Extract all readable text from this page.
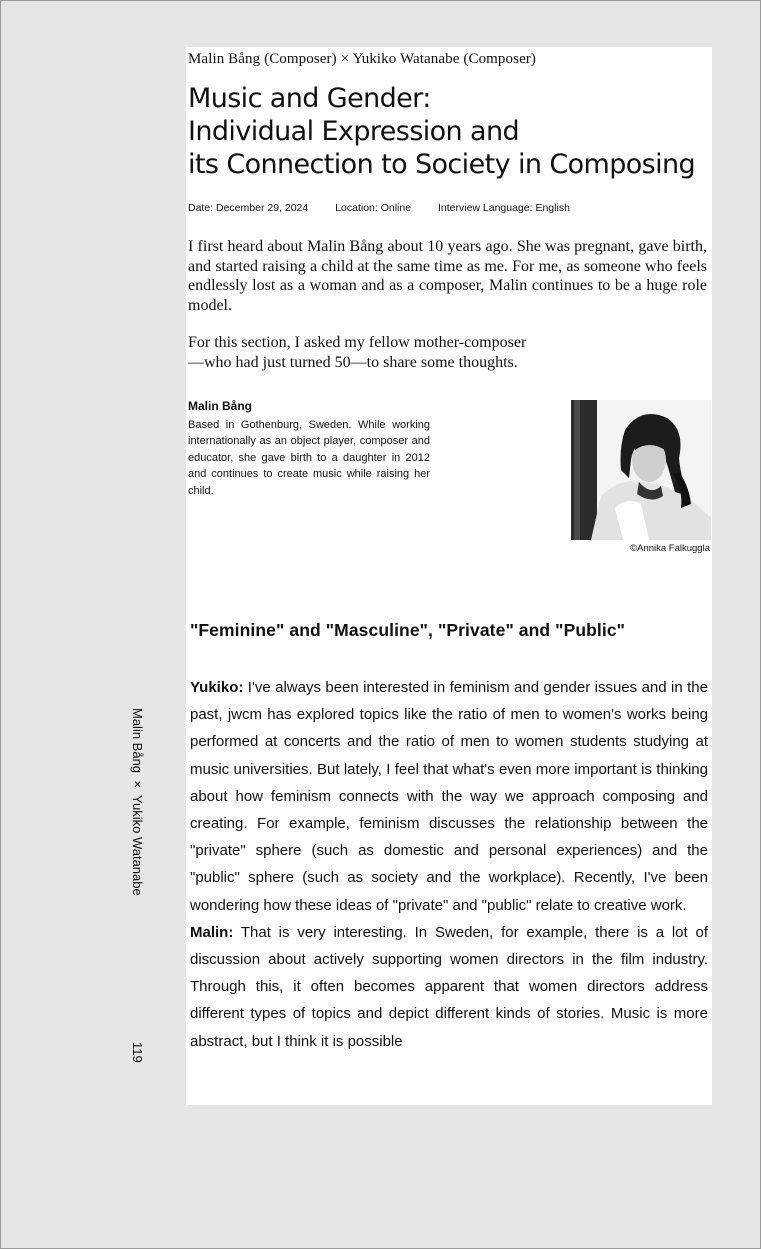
Malin Bång (Composer) × Yukiko Watanabe (Composer)
Music and Gender:
Individual Expression and
its Connection to Society in Composing
Date: December 29, 2024	Location: Online	Interview Language: English

I first heard about Malin Bång about 10 years ago. She was pregnant, gave birth, and started raising a child at the same time as me. For me, as someone who feels endlessly lost as a woman and as a composer, Malin continues to be a huge role model.

For this section, I asked my fellow mother-composer
—who had just turned 50—to share some thoughts.
Malin Bång

Based in Gothenburg, Sweden. While working internationally as an object player, composer and educator, she gave birth to a daughter in 2012 and continues to create music while raising her child.

©Annika Falkuggla
"Feminine" and "Masculine", "Private" and "Public"

Yukiko: I've always been interested in feminism and gender issues and in the past, jwcm has explored topics like the ratio of men to women's works being performed at concerts and the ratio of men to women students studying at music universities. But lately, I feel that what's even more important is thinking about how feminism connects with the way we approach composing and creating. For example, feminism discusses the relationship between the "private" sphere (such as domestic and personal experiences) and the "public" sphere (such as society and the workplace). Recently, I've been wondering how these ideas of "private" and "public" relate to creative work.

Malin: That is very interesting. In Sweden, for example, there is a lot of discussion about actively supporting women directors in the film industry. Through this, it often becomes apparent that women directors address different types of topics and depict different kinds of stories. Music is more abstract, but I think it is possible

Malin Bång × Yukiko Watanabe
119
